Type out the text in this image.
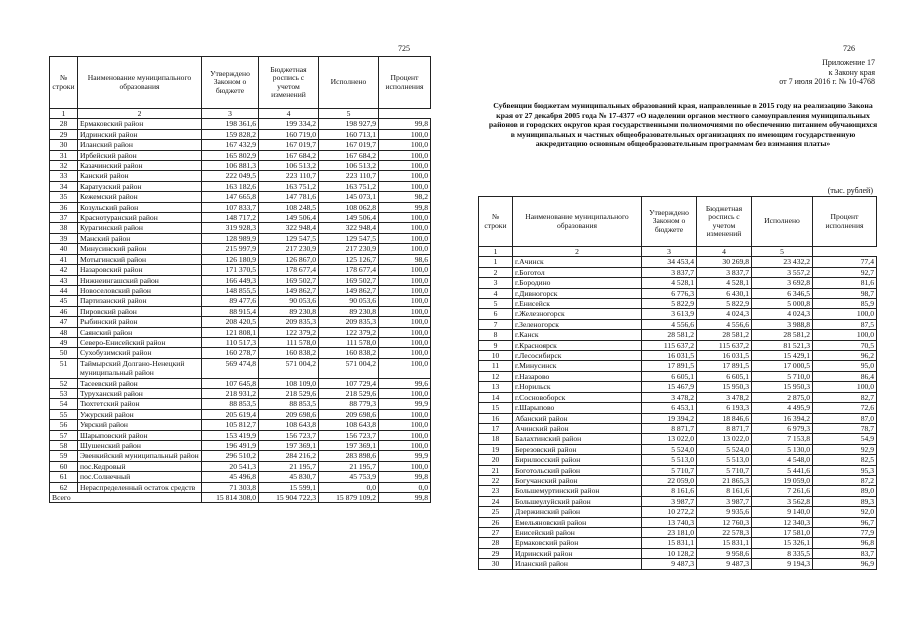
725
№ строки	Наименование муниципального образования	Утверждено Законом о бюджете	Бюджетная роспись с учетом изменений	Исполнено	Процент исполнения
1	2	3	4	5	
28	Ермаковский район	198 361,6	199 334,2	198 927,9	99,8
29	Идринский район	159 828,2	160 719,0	160 713,1	100,0
30	Иланский район	167 432,9	167 019,7	167 019,7	100,0
31	Ирбейский район	165 802,9	167 684,2	167 684,2	100,0
32	Казачинский район	106 881,3	106 513,2	106 513,2	100,0
33	Канский район	222 049,5	223 110,7	223 110,7	100,0
34	Каратузский район	163 182,6	163 751,2	163 751,2	100,0
35	Кежемский район	147 665,8	147 781,6	145 073,1	98,2
36	Козульский район	107 833,7	108 248,5	108 062,8	99,8
37	Краснотуранский район	148 717,2	149 506,4	149 506,4	100,0
38	Курагинский район	319 928,3	322 948,4	322 948,4	100,0
39	Манский район	128 989,9	129 547,5	129 547,5	100,0
40	Минусинский район	215 997,9	217 230,9	217 230,9	100,0
41	Мотыгинский район	126 180,9	126 867,0	125 126,7	98,6
42	Назаровский район	171 370,5	178 677,4	178 677,4	100,0
43	Нижнеингашский район	166 449,3	169 502,7	169 502,7	100,0
44	Новоселовский район	148 855,5	149 862,7	149 862,7	100,0
45	Партизанский район	89 477,6	90 053,6	90 053,6	100,0
46	Пировский район	88 915,4	89 230,8	89 230,8	100,0
47	Рыбинский район	208 420,5	209 835,3	209 835,3	100,0
48	Саянский район	121 808,1	122 379,2	122 379,2	100,0
49	Северо-Енисейский район	110 517,3	111 578,0	111 578,0	100,0
50	Сухобузимский район	160 278,7	160 838,2	160 838,2	100,0
51	Таймырский Долгано-Ненецкий муниципальный район	569 474,8	571 004,2	571 004,2	100,0
52	Тасеевский район	107 645,8	108 109,0	107 729,4	99,6
53	Туруханский район	218 931,2	218 529,6	218 529,6	100,0
54	Тюхтетский район	88 853,5	88 853,5	88 779,3	99,9
55	Ужурский район	205 619,4	209 698,6	209 698,6	100,0
56	Уярский район	105 812,7	108 643,8	108 643,8	100,0
57	Шарыповский район	153 419,9	156 723,7	156 723,7	100,0
58	Шушенский район	196 491,9	197 369,1	197 369,1	100,0
59	Эвенкийский муниципальный район	296 510,2	284 216,2	283 898,6	99,9
60	пос.Кедровый	20 541,3	21 195,7	21 195,7	100,0
61	пос.Солнечный	45 496,8	45 830,7	45 753,9	99,8
62	Нераспределенный остаток средств	71 303,8	15 599,1	0,0	0,0
Всего		15 814 308,0	15 904 722,3	15 879 109,2	99,8
726
Приложение 17
к Закону края
от 7 июля 2016 г. № 10-4768
Субвенции бюджетам муниципальных образований края, направленные в 2015 году на реализацию Закона края от 27 декабря 2005 года № 17-4377 «О наделении органов местного самоуправления муниципальных районов и городских округов края государственными полномочиями по обеспечению питанием обучающихся в муниципальных и частных общеобразовательных организациях по имеющим государственную аккредитацию основным общеобразовательным программам без взимания платы»
(тыс. рублей)
№ строки	Наименование муниципального образования	Утверждено Законом о бюджете	Бюджетная роспись с учетом изменений	Исполнено	Процент исполнения
1	2	3	4	5	
1	г.Ачинск	34 453,4	30 269,8	23 432,2	77,4
2	г.Боготол	3 837,7	3 837,7	3 557,2	92,7
3	г.Бородино	4 528,1	4 528,1	3 692,8	81,6
4	г.Дивногорск	6 776,3	6 430,1	6 346,5	98,7
5	г.Енисейск	5 822,9	5 822,9	5 000,8	85,9
6	г.Железногорск	3 613,9	4 024,3	4 024,3	100,0
7	г.Зеленогорск	4 556,6	4 556,6	3 988,8	87,5
8	г.Канск	28 581,2	28 581,2	28 581,2	100,0
9	г.Красноярск	115 637,2	115 637,2	81 521,3	70,5
10	г.Лесосибирск	16 031,5	16 031,5	15 429,1	96,2
11	г.Минусинск	17 891,5	17 891,5	17 000,5	95,0
12	г.Назарово	6 605,1	6 605,1	5 710,0	86,4
13	г.Норильск	15 467,9	15 950,3	15 950,3	100,0
14	г.Сосновоборск	3 478,2	3 478,2	2 875,0	82,7
15	г.Шарыпово	6 453,1	6 193,3	4 495,9	72,6
16	Абанский район	19 394,2	18 846,6	16 394,2	87,0
17	Ачинский район	8 871,7	8 871,7	6 979,3	78,7
18	Балахтинский район	13 022,0	13 022,0	7 153,8	54,9
19	Березовский район	5 524,0	5 524,0	5 130,0	92,9
20	Бирилюсский район	5 513,0	5 513,0	4 548,0	82,5
21	Боготольский район	5 710,7	5 710,7	5 441,6	95,3
22	Богучанский район	22 059,0	21 865,3	19 059,0	87,2
23	Большемуртинский район	8 161,6	8 161,6	7 261,6	89,0
24	Большеулуйский район	3 987,7	3 987,7	3 562,8	89,3
25	Дзержинский район	10 272,2	9 935,6	9 140,0	92,0
26	Емельяновский район	13 740,3	12 760,3	12 340,3	96,7
27	Енисейский район	23 181,0	22 578,3	17 581,0	77,9
28	Ермаковский район	15 831,1	15 831,1	15 326,1	96,8
29	Идринский район	10 128,2	9 958,6	8 335,5	83,7
30	Иланский район	9 487,3	9 487,3	9 194,3	96,9
